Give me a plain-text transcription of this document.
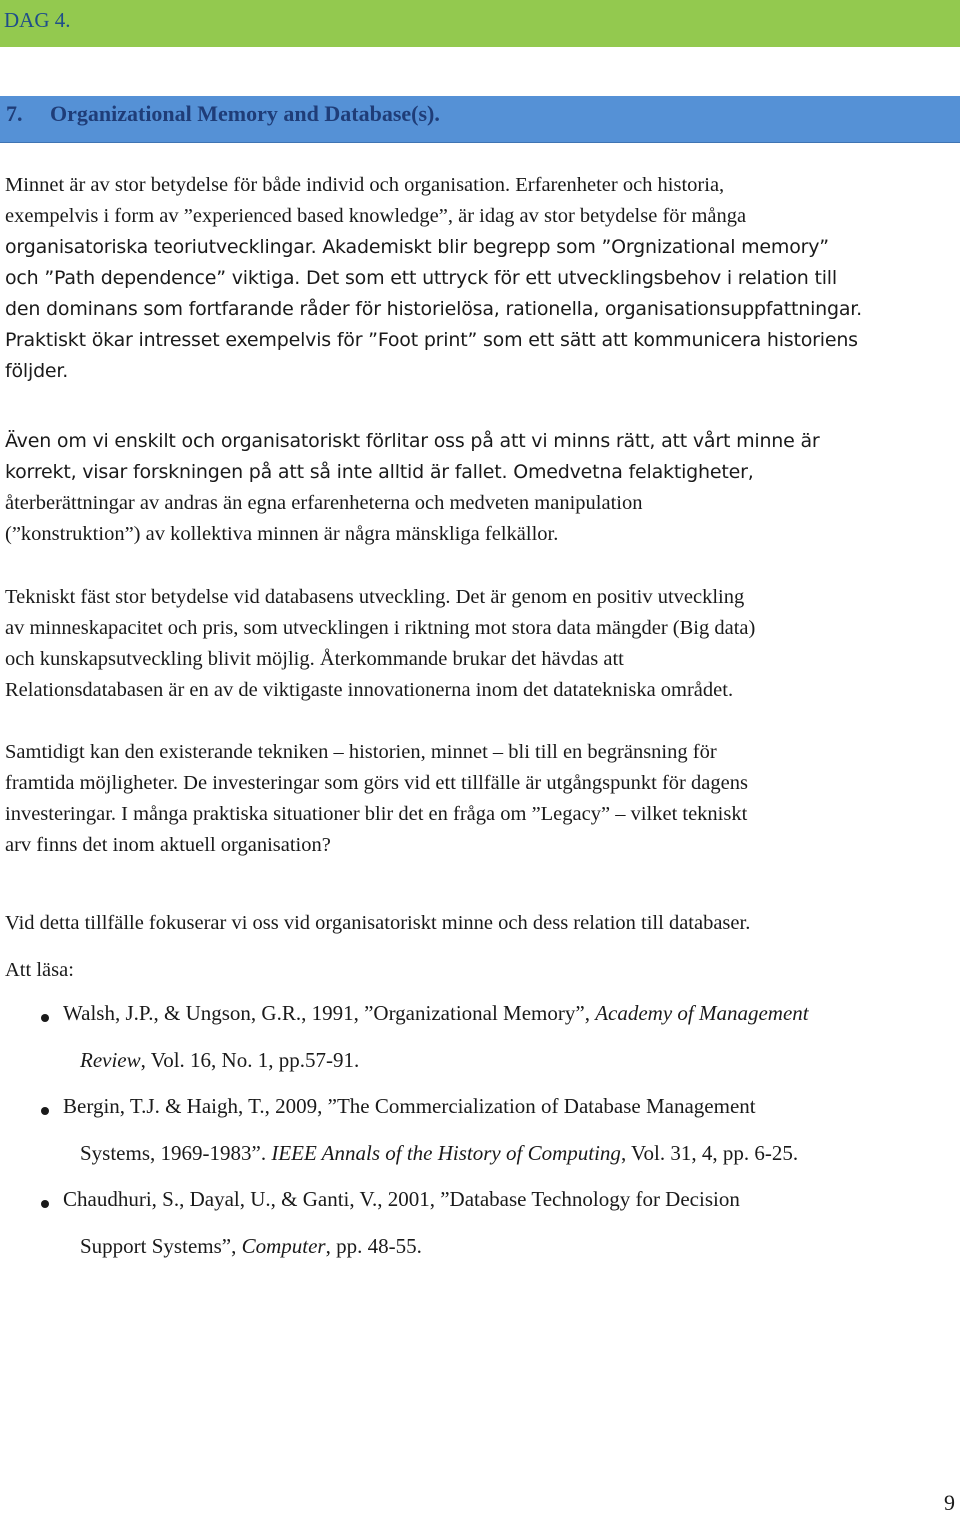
DAG 4.
7.     Organizational Memory and Database(s).

Minnet är av stor betydelse för både individ och organisation. Erfarenheter och historia,
exempelvis i form av ”experienced based knowledge”, är idag av stor betydelse för många
organisatoriska teoriutvecklingar. Akademiskt blir begrepp som ”Orgnizational memory”
och ”Path dependence” viktiga. Det som ett uttryck för ett utvecklingsbehov i relation till
den dominans som fortfarande råder för historielösa, rationella, organisationsuppfattningar.
Praktiskt ökar intresset exempelvis för ”Foot print” som ett sätt att kommunicera historiens
följder.

Även om vi enskilt och organisatoriskt förlitar oss på att vi minns rätt, att vårt minne är
korrekt, visar forskningen på att så inte alltid är fallet. Omedvetna felaktigheter,
återberättningar av andras än egna erfarenheterna och medveten manipulation
(”konstruktion”) av kollektiva minnen är några mänskliga felkällor.

Tekniskt fäst stor betydelse vid databasens utveckling. Det är genom en positiv utveckling
av minneskapacitet och pris, som utvecklingen i riktning mot stora data mängder (Big data)
och kunskapsutveckling blivit möjlig. Återkommande brukar det hävdas att
Relationsdatabasen är en av de viktigaste innovationerna inom det datatekniska området.

Samtidigt kan den existerande tekniken – historien, minnet – bli till en begränsning för
framtida möjligheter. De investeringar som görs vid ett tillfälle är utgångspunkt för dagens
investeringar. I många praktiska situationer blir det en fråga om ”Legacy” – vilket tekniskt
arv finns det inom aktuell organisation?

Vid detta tillfälle fokuserar vi oss vid organisatoriskt minne och dess relation till databaser.

Att läsa:

Walsh, J.P., & Ungson, G.R., 1991, ”Organizational Memory”, Academy of Management
Review, Vol. 16, No. 1, pp.57-91.
Bergin, T.J. & Haigh, T., 2009, ”The Commercialization of Database Management
Systems, 1969-1983”. IEEE Annals of the History of Computing, Vol. 31, 4, pp. 6-25.
Chaudhuri, S., Dayal, U., & Ganti, V., 2001, ”Database Technology for Decision
Support Systems”, Computer, pp. 48-55.
9
